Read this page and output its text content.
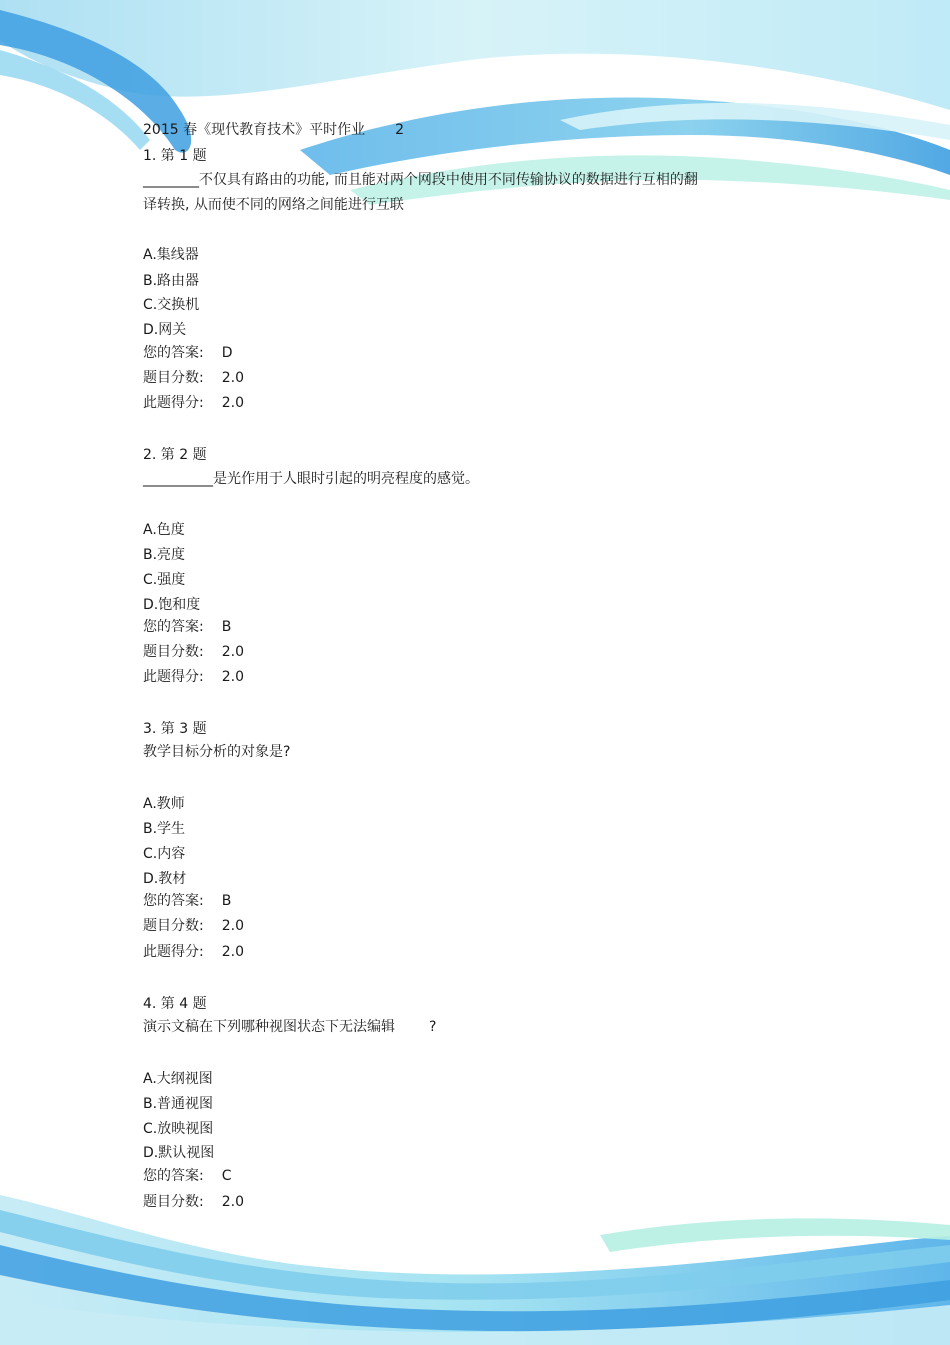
2015 春《现代教育技术》平时作业 2
1. 第 1 题
________不仅具有路由的功能, 而且能对两个网段中使用不同传输协议的数据进行互相的翻
译转换, 从而使不同的网络之间能进行互联
A.集线器
B.路由器
C.交换机
D.网关
您的答案: D
题目分数: 2.0
此题得分: 2.0
2. 第 2 题
__________是光作用于人眼时引起的明亮程度的感觉。
A.色度
B.亮度
C.强度
D.饱和度
您的答案: B
题目分数: 2.0
此题得分: 2.0
3. 第 3 题
教学目标分析的对象是?
A.教师
B.学生
C.内容
D.教材
您的答案: B
题目分数: 2.0
此题得分: 2.0
4. 第 4 题
演示文稿在下列哪种视图状态下无法编辑 ?
A.大纲视图
B.普通视图
C.放映视图
D.默认视图
您的答案: C
题目分数: 2.0
